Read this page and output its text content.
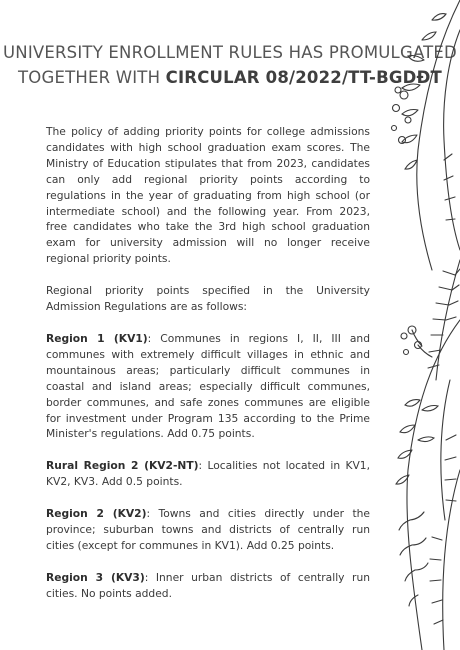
UNIVERSITY ENROLLMENT RULES HAS PROMULGATED
TOGETHER WITH CIRCULAR 08/2022/TT-BGDĐT

The policy of adding priority points for college admissions candidates with high school graduation exam scores. The Ministry of Education stipulates that from 2023, candidates can only add regional priority points according to regulations in the year of graduating from high school (or intermediate school) and the following year. From 2023, free candidates who take the 3rd high school graduation exam for university admission will no longer receive regional priority points.

Regional priority points specified in the University Admission Regulations are as follows:

Region 1 (KV1): Communes in regions I, II, III and communes with extremely difficult villages in ethnic and mountainous areas; particularly difficult communes in coastal and island areas; especially difficult communes, border communes, and safe zones communes are eligible for investment under Program 135 according to the Prime Minister's regulations. Add 0.75 points.

Rural Region 2 (KV2-NT): Localities not located in KV1, KV2, KV3. Add 0.5 points.

Region 2 (KV2): Towns and cities directly under the province; suburban towns and districts of centrally run cities (except for communes in KV1). Add 0.25 points.

Region 3 (KV3): Inner urban districts of centrally run cities. No points added.
